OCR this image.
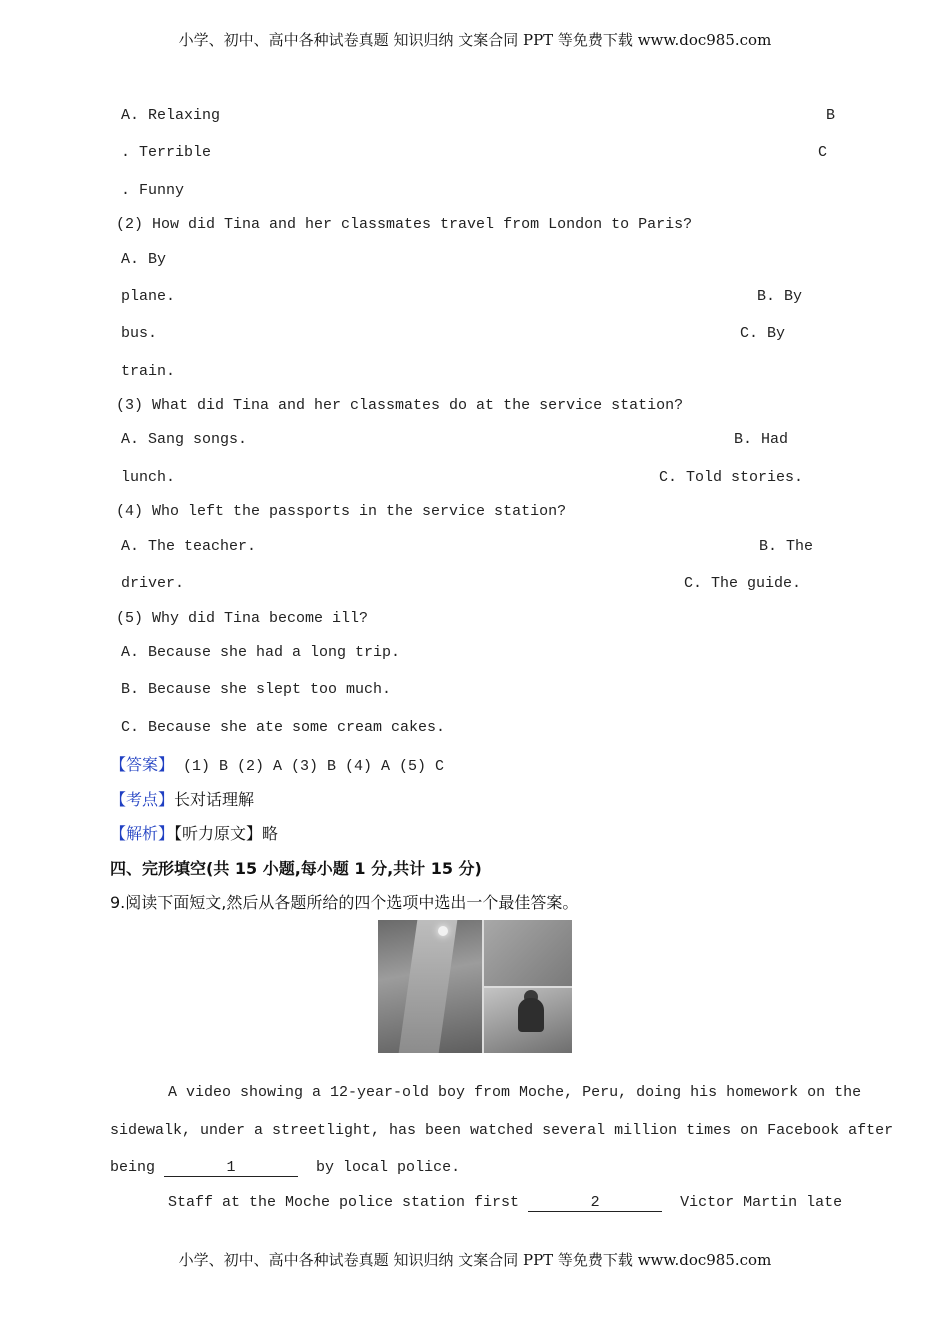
小学、初中、高中各种试卷真题 知识归纳 文案合同 PPT 等免费下载 www.doc985.com
A. Relaxing	B
. Terrible	C
. Funny
(2) How did Tina and her classmates travel from London to Paris?
A. By
plane.	B. By
bus.	C. By
train.
(3) What did Tina and her classmates do at the service station?
A. Sang songs.	B. Had
lunch.	C. Told stories.
(4) Who left the passports in the service station?
A. The teacher.	B. The
driver.	C. The guide.
(5) Why did Tina become ill?
A. Because she had a long trip.
B. Because she slept too much.
C. Because she ate some cream cakes.
【答案】 (1) B (2) A (3) B (4) A (5) C
【考点】长对话理解
【解析】【听力原文】略
四、完形填空(共 15 小题,每小题 1 分,共计 15 分)
9.阅读下面短文,然后从各题所给的四个选项中选出一个最佳答案。
A video showing a 12-year-old boy from Moche, Peru, doing his homework on the
sidewalk, under a streetlight, has been watched several million times on Facebook after
being	1	by local police.
Staff at the Moche police station first	2	Victor Martin late
小学、初中、高中各种试卷真题 知识归纳 文案合同 PPT 等免费下载 www.doc985.com
